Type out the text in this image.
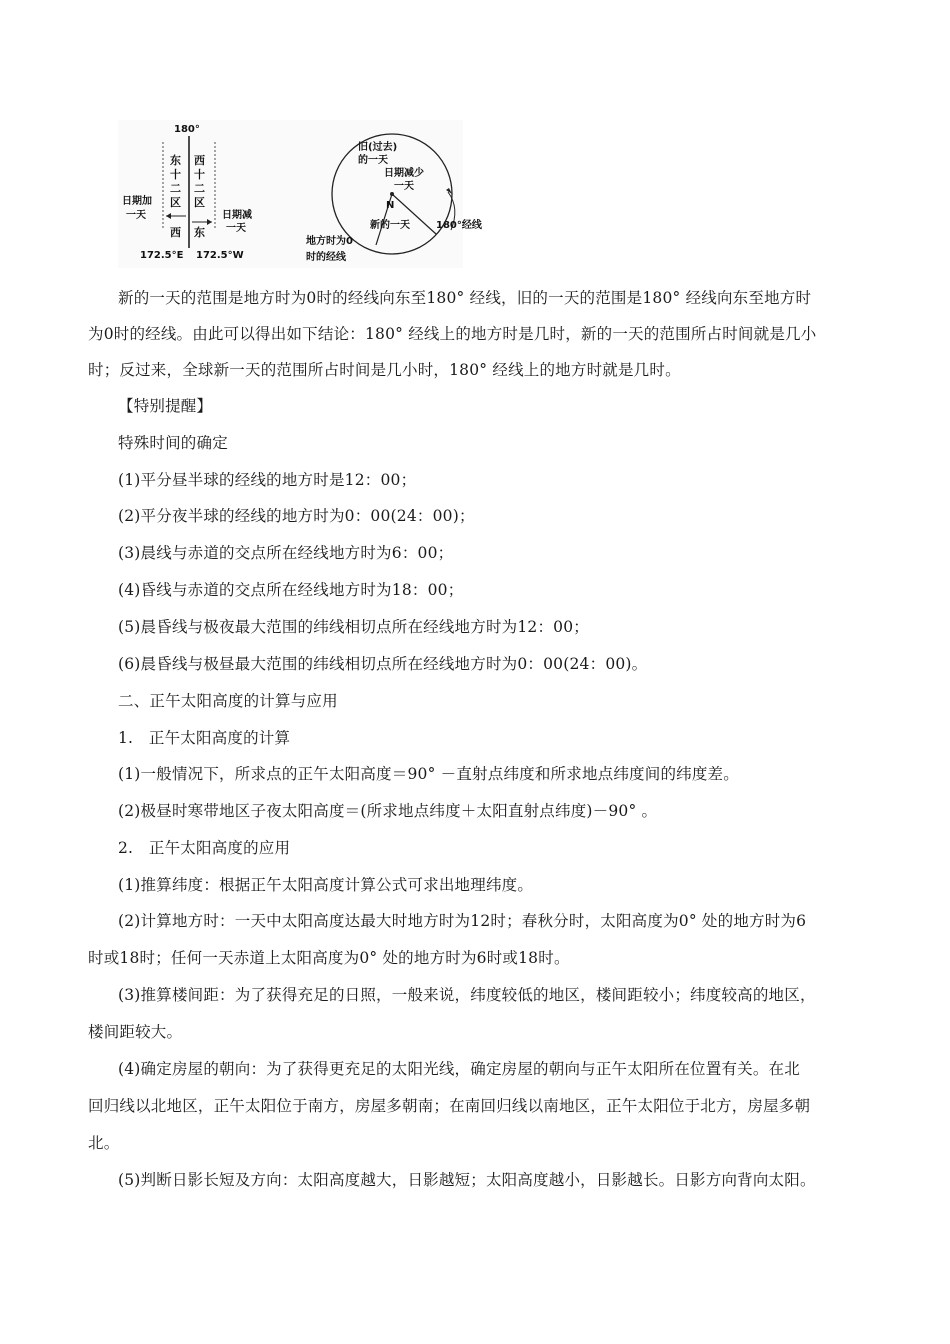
180°
东
十
二
区
西
十
二
区
日期加
一天	日期减
一天
西 东
172.5°E 172.5°W
旧(过去)
的一天
日期减少
一天
N
新的一天	180°经线
地方时为0
时的经线
新的一天的范围是地方时为0时的经线向东至180° 经线，旧的一天的范围是180° 经线向东至地方时
为0时的经线。由此可以得出如下结论：180° 经线上的地方时是几时，新的一天的范围所占时间就是几小
时；反过来，全球新一天的范围所占时间是几小时，180° 经线上的地方时就是几时。
【特别提醒】
特殊时间的确定
(1)平分昼半球的经线的地方时是12：00；
(2)平分夜半球的经线的地方时为0：00(24：00)；
(3)晨线与赤道的交点所在经线地方时为6：00；
(4)昏线与赤道的交点所在经线地方时为18：00；
(5)晨昏线与极夜最大范围的纬线相切点所在经线地方时为12：00；
(6)晨昏线与极昼最大范围的纬线相切点所在经线地方时为0：00(24：00)。
二、正午太阳高度的计算与应用
1.　正午太阳高度的计算
(1)一般情况下，所求点的正午太阳高度＝90° －直射点纬度和所求地点纬度间的纬度差。
(2)极昼时寒带地区子夜太阳高度＝(所求地点纬度＋太阳直射点纬度)－90° 。
2.　正午太阳高度的应用
(1)推算纬度：根据正午太阳高度计算公式可求出地理纬度。
(2)计算地方时：一天中太阳高度达最大时地方时为12时；春秋分时，太阳高度为0° 处的地方时为6
时或18时；任何一天赤道上太阳高度为0° 处的地方时为6时或18时。
(3)推算楼间距：为了获得充足的日照，一般来说，纬度较低的地区，楼间距较小；纬度较高的地区，
楼间距较大。
(4)确定房屋的朝向：为了获得更充足的太阳光线，确定房屋的朝向与正午太阳所在位置有关。在北
回归线以北地区，正午太阳位于南方，房屋多朝南；在南回归线以南地区，正午太阳位于北方，房屋多朝
北。
(5)判断日影长短及方向：太阳高度越大，日影越短；太阳高度越小，日影越长。日影方向背向太阳。
